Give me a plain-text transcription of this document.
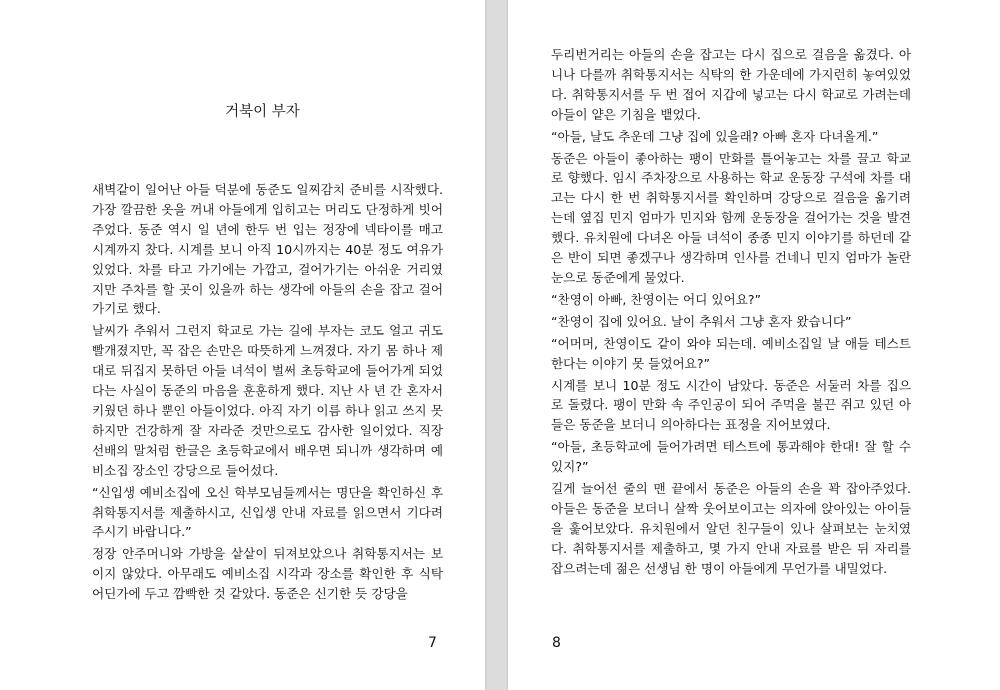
거북이 부자

새벽같이 일어난 아들 덕분에 동준도 일찌감치 준비를 시작했다. 가장 깔끔한 옷을 꺼내 아들에게 입히고는 머리도 단정하게 빗어주었다. 동준 역시 일 년에 한두 번 입는 정장에 넥타이를 매고 시계까지 찼다. 시계를 보니 아직 10시까지는 40분 정도 여유가 있었다. 차를 타고 가기에는 가깝고, 걸어가기는 아쉬운 거리였지만 주차를 할 곳이 있을까 하는 생각에 아들의 손을 잡고 걸어가기로 했다.

날씨가 추워서 그런지 학교로 가는 길에 부자는 코도 얼고 귀도 빨개졌지만, 꼭 잡은 손만은 따뜻하게 느껴졌다. 자기 몸 하나 제대로 뒤집지 못하던 아들 녀석이 벌써 초등학교에 들어가게 되었다는 사실이 동준의 마음을 훈훈하게 했다. 지난 사 년 간 혼자서 키웠던 하나 뿐인 아들이었다. 아직 자기 이름 하나 읽고 쓰지 못하지만 건강하게 잘 자라준 것만으로도 감사한 일이었다. 직장 선배의 말처럼 한글은 초등학교에서 배우면 되니까 생각하며 예비소집 장소인 강당으로 들어섰다.

“신입생 예비소집에 오신 학부모님들께서는 명단을 확인하신 후 취학통지서를 제출하시고, 신입생 안내 자료를 읽으면서 기다려주시기 바랍니다.”

정장 안주머니와 가방을 샅샅이 뒤져보았으나 취학통지서는 보이지 않았다. 아무래도 예비소집 시각과 장소를 확인한 후 식탁 어딘가에 두고 깜빡한 것 같았다. 동준은 신기한 듯 강당을

7

두리번거리는 아들의 손을 잡고는 다시 집으로 걸음을 옮겼다. 아니나 다를까 취학통지서는 식탁의 한 가운데에 가지런히 놓여있었다. 취학통지서를 두 번 접어 지갑에 넣고는 다시 학교로 가려는데 아들이 얕은 기침을 뱉었다.

“아들, 날도 추운데 그냥 집에 있을래? 아빠 혼자 다녀올게.”

동준은 아들이 좋아하는 팽이 만화를 틀어놓고는 차를 끌고 학교로 향했다. 임시 주차장으로 사용하는 학교 운동장 구석에 차를 대고는 다시 한 번 취학통지서를 확인하며 강당으로 걸음을 옮기려는데 옆집 민지 엄마가 민지와 함께 운동장을 걸어가는 것을 발견했다. 유치원에 다녀온 아들 녀석이 종종 민지 이야기를 하던데 같은 반이 되면 좋겠구나 생각하며 인사를 건네니 민지 엄마가 놀란 눈으로 동준에게 물었다.

“찬영이 아빠, 찬영이는 어디 있어요?”

“찬영이 집에 있어요. 날이 추워서 그냥 혼자 왔습니다”

“어머머, 찬영이도 같이 와야 되는데. 예비소집일 날 애들 테스트한다는 이야기 못 들었어요?”

시계를 보니 10분 정도 시간이 남았다. 동준은 서둘러 차를 집으로 돌렸다. 팽이 만화 속 주인공이 되어 주먹을 불끈 쥐고 있던 아들은 동준을 보더니 의아하다는 표정을 지어보였다.

“아들, 초등학교에 들어가려면 테스트에 통과해야 한대! 잘 할 수 있지?”

길게 늘어선 줄의 맨 끝에서 동준은 아들의 손을 꽉 잡아주었다. 아들은 동준을 보더니 살짝 웃어보이고는 의자에 앉아있는 아이들을 훑어보았다. 유치원에서 알던 친구들이 있나 살펴보는 눈치였다. 취학통지서를 제출하고, 몇 가지 안내 자료를 받은 뒤 자리를 잡으려는데 젊은 선생님 한 명이 아들에게 무언가를 내밀었다.

8
